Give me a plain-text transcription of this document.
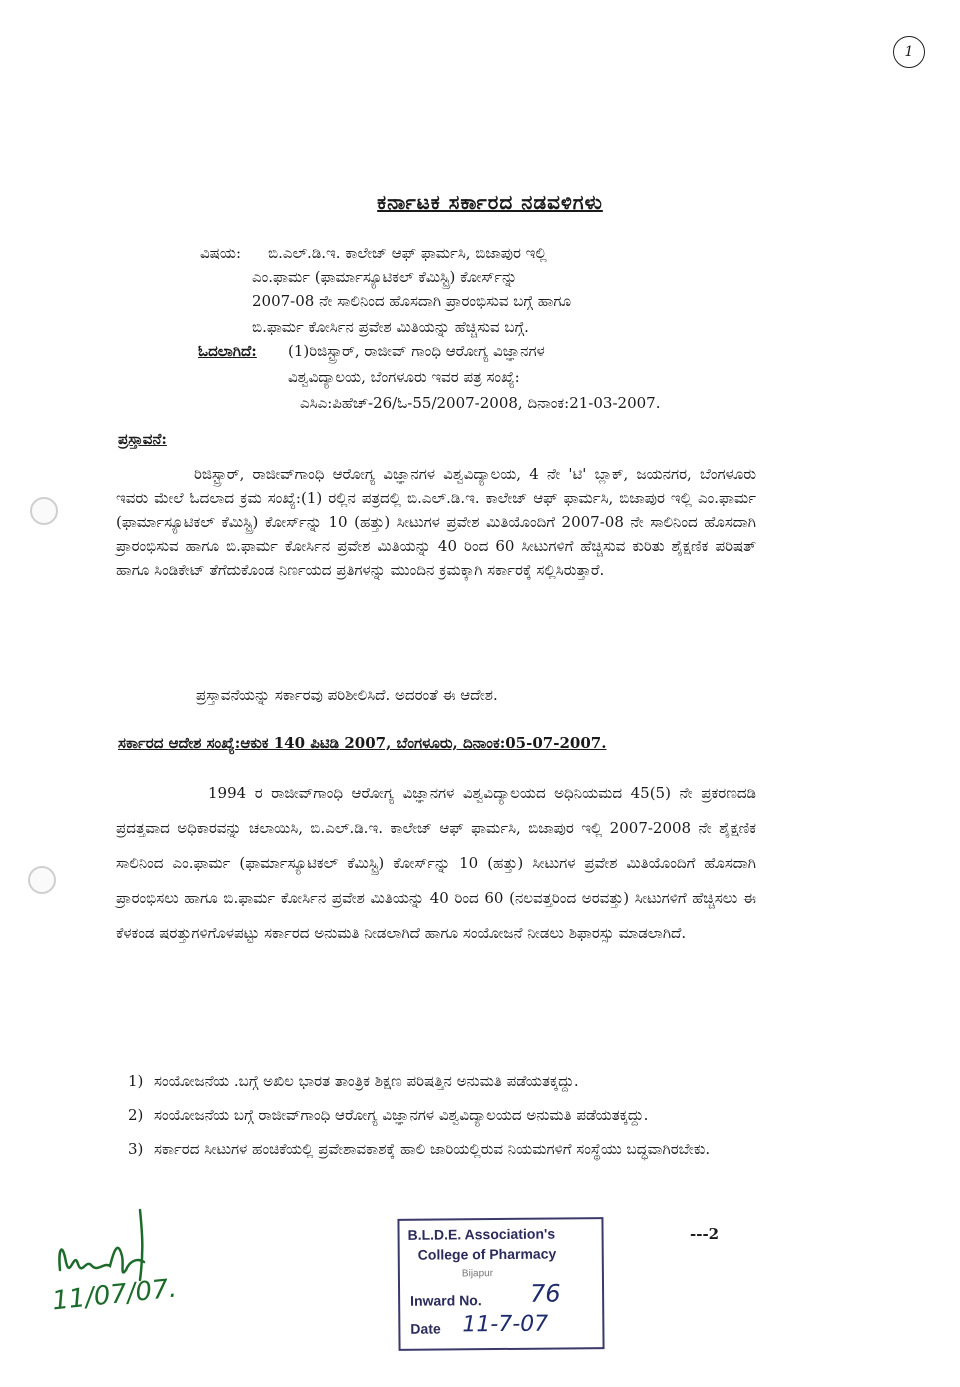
1
ಕರ್ನಾಟಕ ಸರ್ಕಾರದ ನಡವಳಿಗಳು
ವಿಷಯ: ಬಿ.ಎಲ್.ಡಿ.ಇ. ಕಾಲೇಜ್ ಆಫ್ ಫಾರ್ಮಸಿ, ಬಿಜಾಪುರ ಇಲ್ಲಿ
ಎಂ.ಫಾರ್ಮ (ಫಾರ್ಮಾಸ್ಯೂಟಿಕಲ್ ಕೆಮಿಸ್ಟ್ರಿ) ಕೋರ್ಸ್‌ನ್ನು
2007-08 ನೇ ಸಾಲಿನಿಂದ ಹೊಸದಾಗಿ ಪ್ರಾರಂಭಿಸುವ ಬಗ್ಗೆ ಹಾಗೂ
ಬಿ.ಫಾರ್ಮ ಕೋರ್ಸಿನ ಪ್ರವೇಶ ಮಿತಿಯನ್ನು ಹೆಚ್ಚಿಸುವ ಬಗ್ಗೆ.
ಓದಲಾಗಿದೆ: (1)ರಿಜಿಸ್ಟ್ರಾರ್, ರಾಜೀವ್ ಗಾಂಧಿ ಆರೋಗ್ಯ ವಿಜ್ಞಾನಗಳ
ವಿಶ್ವವಿದ್ಯಾಲಯ, ಬೆಂಗಳೂರು ಇವರ ಪತ್ರ ಸಂಖ್ಯೆ:
ಎಸಿಎ:ಪಿಹೆಚ್-26/ಓ-55/2007-2008, ದಿನಾಂಕ:21-03-2007.
ಪ್ರಸ್ತಾವನೆ:
ರಿಜಿಸ್ಟ್ರಾರ್, ರಾಜೀವ್‌ಗಾಂಧಿ ಆರೋಗ್ಯ ವಿಜ್ಞಾನಗಳ ವಿಶ್ವವಿದ್ಯಾಲಯ, 4 ನೇ 'ಟಿ' ಬ್ಲಾಕ್, ಜಯನಗರ, ಬೆಂಗಳೂರು ಇವರು ಮೇಲೆ ಓದಲಾದ ಕ್ರಮ ಸಂಖ್ಯೆ:(1) ರಲ್ಲಿನ ಪತ್ರದಲ್ಲಿ ಬಿ.ಎಲ್.ಡಿ.ಇ. ಕಾಲೇಜ್ ಆಫ್ ಫಾರ್ಮಸಿ, ಬಿಜಾಪುರ ಇಲ್ಲಿ ಎಂ.ಫಾರ್ಮ (ಫಾರ್ಮಾಸ್ಯೂಟಿಕಲ್ ಕೆಮಿಸ್ಟ್ರಿ) ಕೋರ್ಸ್‌ನ್ನು 10 (ಹತ್ತು) ಸೀಟುಗಳ ಪ್ರವೇಶ ಮಿತಿಯೊಂದಿಗೆ 2007-08 ನೇ ಸಾಲಿನಿಂದ ಹೊಸದಾಗಿ ಪ್ರಾರಂಭಿಸುವ ಹಾಗೂ ಬಿ.ಫಾರ್ಮ ಕೋರ್ಸಿನ ಪ್ರವೇಶ ಮಿತಿಯನ್ನು 40 ರಿಂದ 60 ಸೀಟುಗಳಿಗೆ ಹೆಚ್ಚಿಸುವ ಕುರಿತು ಶೈಕ್ಷಣಿಕ ಪರಿಷತ್ ಹಾಗೂ ಸಿಂಡಿಕೇಟ್ ತೆಗೆದುಕೊಂಡ ನಿರ್ಣಯದ ಪ್ರತಿಗಳನ್ನು ಮುಂದಿನ ಕ್ರಮಕ್ಕಾಗಿ ಸರ್ಕಾರಕ್ಕೆ ಸಲ್ಲಿಸಿರುತ್ತಾರೆ.
ಪ್ರಸ್ತಾವನೆಯನ್ನು ಸರ್ಕಾರವು ಪರಿಶೀಲಿಸಿದೆ. ಅದರಂತೆ ಈ ಆದೇಶ.
ಸರ್ಕಾರದ ಆದೇಶ ಸಂಖ್ಯೆ:ಆಕುಕ 140 ಪಿಟಿಡಿ 2007, ಬೆಂಗಳೂರು, ದಿನಾಂಕ:05-07-2007.
1994 ರ ರಾಜೀವ್‌ಗಾಂಧಿ ಆರೋಗ್ಯ ವಿಜ್ಞಾನಗಳ ವಿಶ್ವವಿದ್ಯಾಲಯದ ಅಧಿನಿಯಮದ 45(5) ನೇ ಪ್ರಕರಣದಡಿ ಪ್ರದತ್ತವಾದ ಅಧಿಕಾರವನ್ನು ಚಲಾಯಿಸಿ, ಬಿ.ಎಲ್.ಡಿ.ಇ. ಕಾಲೇಜ್ ಆಫ್ ಫಾರ್ಮಸಿ, ಬಿಜಾಪುರ ಇಲ್ಲಿ 2007-2008 ನೇ ಶೈಕ್ಷಣಿಕ ಸಾಲಿನಿಂದ ಎಂ.ಫಾರ್ಮ (ಫಾರ್ಮಾಸ್ಯೂಟಿಕಲ್ ಕೆಮಿಸ್ಟ್ರಿ) ಕೋರ್ಸ್‌ನ್ನು 10 (ಹತ್ತು) ಸೀಟುಗಳ ಪ್ರವೇಶ ಮಿತಿಯೊಂದಿಗೆ ಹೊಸದಾಗಿ ಪ್ರಾರಂಭಿಸಲು ಹಾಗೂ ಬಿ.ಫಾರ್ಮ ಕೋರ್ಸಿನ ಪ್ರವೇಶ ಮಿತಿಯನ್ನು 40 ರಿಂದ 60 (ನಲವತ್ತರಿಂದ ಅರವತ್ತು) ಸೀಟುಗಳಿಗೆ ಹೆಚ್ಚಿಸಲು ಈ ಕೆಳಕಂಡ ಷರತ್ತುಗಳಿಗೊಳಪಟ್ಟು ಸರ್ಕಾರದ ಅನುಮತಿ ನೀಡಲಾಗಿದೆ ಹಾಗೂ ಸಂಯೋಜನೆ ನೀಡಲು ಶಿಫಾರಸ್ಸು ಮಾಡಲಾಗಿದೆ.
1) ಸಂಯೋಜನೆಯ .ಬಗ್ಗೆ ಅಖಿಲ ಭಾರತ ತಾಂತ್ರಿಕ ಶಿಕ್ಷಣ ಪರಿಷತ್ತಿನ ಅನುಮತಿ ಪಡೆಯತಕ್ಕದ್ದು.
2) ಸಂಯೋಜನೆಯ ಬಗ್ಗೆ ರಾಜೀವ್‌ಗಾಂಧಿ ಆರೋಗ್ಯ ವಿಜ್ಞಾನಗಳ ವಿಶ್ವವಿದ್ಯಾಲಯದ ಅನುಮತಿ ಪಡೆಯತಕ್ಕದ್ದು.
3) ಸರ್ಕಾರದ ಸೀಟುಗಳ ಹಂಚಿಕೆಯಲ್ಲಿ ಪ್ರವೇಶಾವಕಾಶಕ್ಕೆ ಹಾಲಿ ಜಾರಿಯಲ್ಲಿರುವ ನಿಯಮಗಳಿಗೆ ಸಂಸ್ಥೆಯು ಬದ್ಧವಾಗಿರಬೇಕು.
---2
B.L.D.E. Association's
College of Pharmacy
Bijapur
Inward No. 76
Date 11-7-07
11/07/07.
